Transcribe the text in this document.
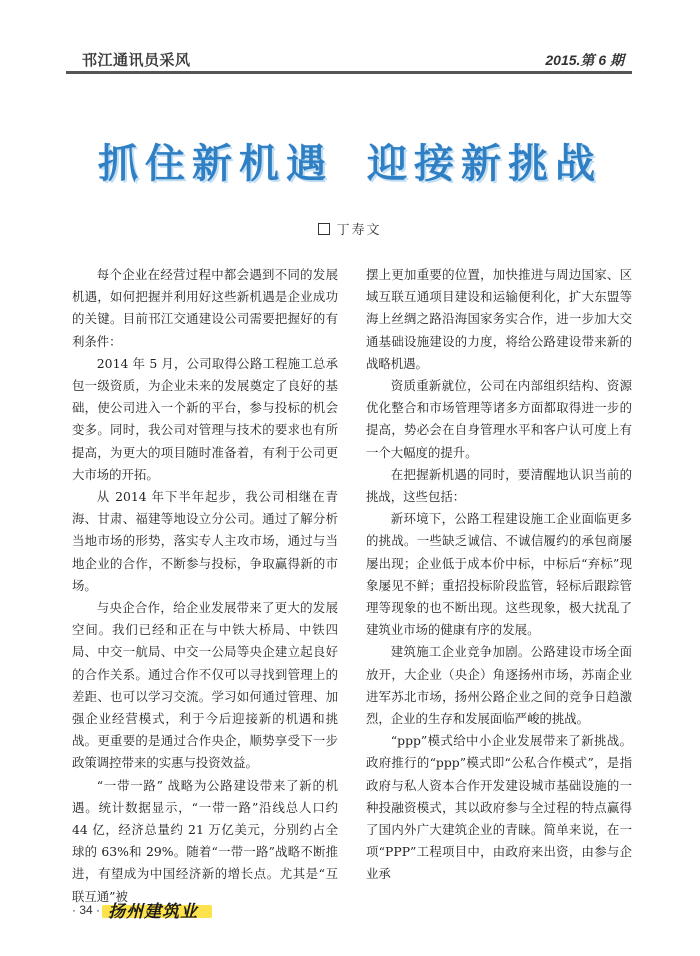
邗江通讯员采风	2015.第 6 期
抓住新机遇 迎接新挑战
丁寿文

每个企业在经营过程中都会遇到不同的发展机遇，如何把握并利用好这些新机遇是企业成功的关键。目前邗江交通建设公司需要把握好的有利条件：

2014 年 5 月，公司取得公路工程施工总承包一级资质，为企业未来的发展奠定了良好的基础，使公司进入一个新的平台，参与投标的机会变多。同时，我公司对管理与技术的要求也有所提高，为更大的项目随时准备着，有利于公司更大市场的开拓。

从 2014 年下半年起步，我公司相继在青海、甘肃、福建等地设立分公司。通过了解分析当地市场的形势，落实专人主攻市场，通过与当地企业的合作，不断参与投标，争取赢得新的市场。

与央企合作，给企业发展带来了更大的发展空间。我们已经和正在与中铁大桥局、中铁四局、中交一航局、中交一公局等央企建立起良好的合作关系。通过合作不仅可以寻找到管理上的差距、也可以学习交流。学习如何通过管理、加强企业经营模式，利于今后迎接新的机遇和挑战。更重要的是通过合作央企，顺势享受下一步政策调控带来的实惠与投资效益。

“一带一路” 战略为公路建设带来了新的机遇。统计数据显示，“一带一路”沿线总人口约 44 亿，经济总量约 21 万亿美元，分别约占全球的 63%和 29%。随着“一带一路”战略不断推进，有望成为中国经济新的增长点。尤其是“互联互通”被

摆上更加重要的位置，加快推进与周边国家、区域互联互通项目建设和运输便利化，扩大东盟等海上丝绸之路沿海国家务实合作，进一步加大交通基础设施建设的力度，将给公路建设带来新的战略机遇。

资质重新就位，公司在内部组织结构、资源优化整合和市场管理等诸多方面都取得进一步的提高，势必会在自身管理水平和客户认可度上有一个大幅度的提升。

在把握新机遇的同时，要清醒地认识当前的挑战，这些包括：

新环境下，公路工程建设施工企业面临更多的挑战。一些缺乏诚信、不诚信履约的承包商屡屡出现；企业低于成本价中标，中标后“弃标”现象屡见不鲜；重招投标阶段监管，轻标后跟踪管理等现象的也不断出现。这些现象，极大扰乱了建筑业市场的健康有序的发展。

建筑施工企业竞争加剧。公路建设市场全面放开，大企业（央企）角逐扬州市场，苏南企业进军苏北市场，扬州公路企业之间的竞争日趋激烈，企业的生存和发展面临严峻的挑战。

“ppp”模式给中小企业发展带来了新挑战。政府推行的“ppp”模式即“公私合作模式”，是指政府与私人资本合作开发建设城市基础设施的一种投融资模式，其以政府参与全过程的特点赢得了国内外广大建筑企业的青睐。简单来说，在一项“PPP”工程项目中，由政府来出资，由参与企业承

· 34 · 扬州建筑业
